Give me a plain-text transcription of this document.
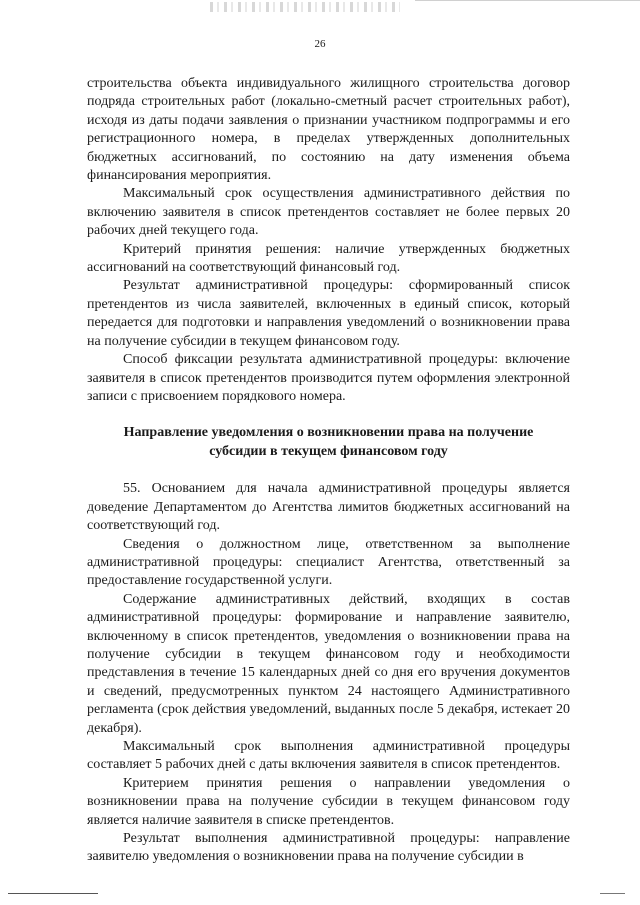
26

строительства объекта индивидуального жилищного строительства договор подряда строительных работ (локально-сметный расчет строительных работ), исходя из даты подачи заявления о признании участником подпрограммы и его регистрационного номера, в пределах утвержденных дополнительных бюджетных ассигнований, по состоянию на дату изменения объема финансирования мероприятия.

Максимальный срок осуществления административного действия по включению заявителя в список претендентов составляет не более первых 20 рабочих дней текущего года.

Критерий принятия решения: наличие утвержденных бюджетных ассигнований на соответствующий финансовый год.

Результат административной процедуры: сформированный список претендентов из числа заявителей, включенных в единый список, который передается для подготовки и направления уведомлений о возникновении права на получение субсидии в текущем финансовом году.

Способ фиксации результата административной процедуры: включение заявителя в список претендентов производится путем оформления электронной записи с присвоением порядкового номера.

Направление уведомления о возникновении права на получение
субсидии в текущем финансовом году

55. Основанием для начала административной процедуры является доведение Департаментом до Агентства лимитов бюджетных ассигнований на соответствующий год.

Сведения о должностном лице, ответственном за выполнение административной процедуры: специалист Агентства, ответственный за предоставление государственной услуги.

Содержание административных действий, входящих в состав административной процедуры: формирование и направление заявителю, включенному в список претендентов, уведомления о возникновении права на получение субсидии в текущем финансовом году и необходимости представления в течение 15 календарных дней со дня его вручения документов и сведений, предусмотренных пунктом 24 настоящего Административного регламента (срок действия уведомлений, выданных после 5 декабря, истекает 20 декабря).

Максимальный срок выполнения административной процедуры составляет 5 рабочих дней с даты включения заявителя в список претендентов.

Критерием принятия решения о направлении уведомления о возникновении права на получение субсидии в текущем финансовом году является наличие заявителя в списке претендентов.

Результат выполнения административной процедуры: направление заявителю уведомления о возникновении права на получение субсидии в
